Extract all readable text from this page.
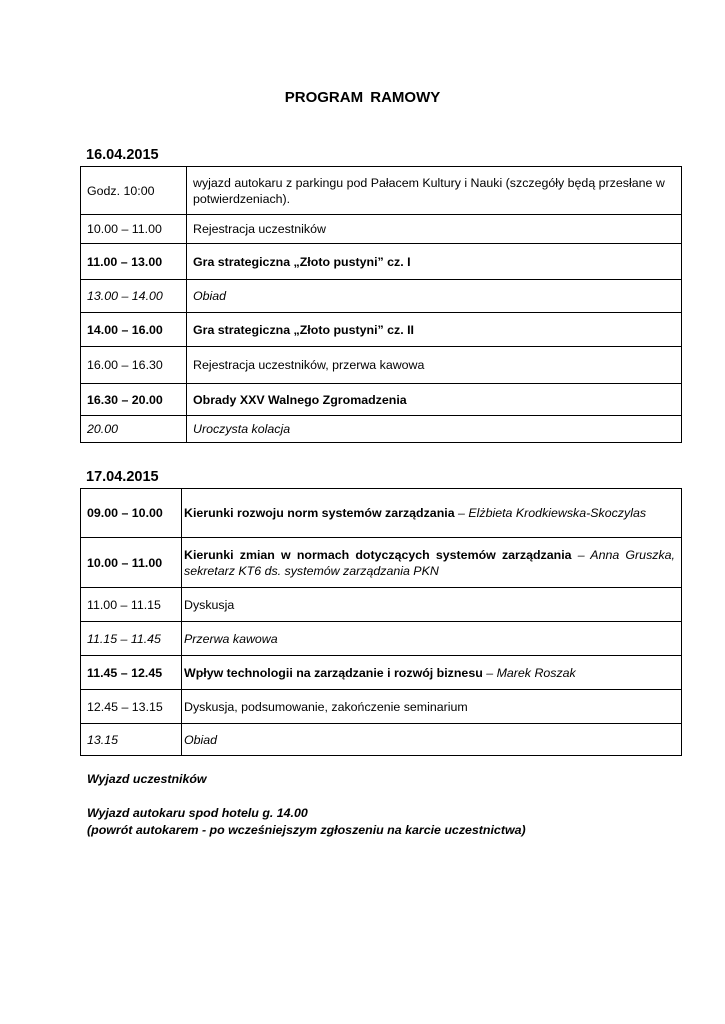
PROGRAM RAMOWY
16.04.2015
Godz. 10:00	wyjazd autokaru z parkingu pod Pałacem Kultury i Nauki (szczegóły będą przesłane w potwierdzeniach).
10.00 – 11.00	Rejestracja uczestników
11.00 – 13.00	Gra strategiczna „Złoto pustyni” cz. I
13.00 – 14.00	Obiad
14.00 – 16.00	Gra strategiczna „Złoto pustyni” cz. II
16.00 – 16.30	Rejestracja uczestników, przerwa kawowa
16.30 – 20.00	Obrady XXV Walnego Zgromadzenia
20.00	Uroczysta kolacja
17.04.2015
09.00 – 10.00	Kierunki rozwoju norm systemów zarządzania – Elżbieta Krodkiewska-Skoczylas
10.00 – 11.00	Kierunki zmian w normach dotyczących systemów zarządzania – Anna Gruszka, sekretarz KT6 ds. systemów zarządzania PKN
11.00 – 11.15	Dyskusja
11.15 – 11.45	Przerwa kawowa
11.45 – 12.45	Wpływ technologii na zarządzanie i rozwój biznesu – Marek Roszak
12.45 – 13.15	Dyskusja, podsumowanie, zakończenie seminarium
13.15	Obiad
Wyjazd uczestników
Wyjazd autokaru spod hotelu g. 14.00
(powrót autokarem - po wcześniejszym zgłoszeniu na karcie uczestnictwa)
